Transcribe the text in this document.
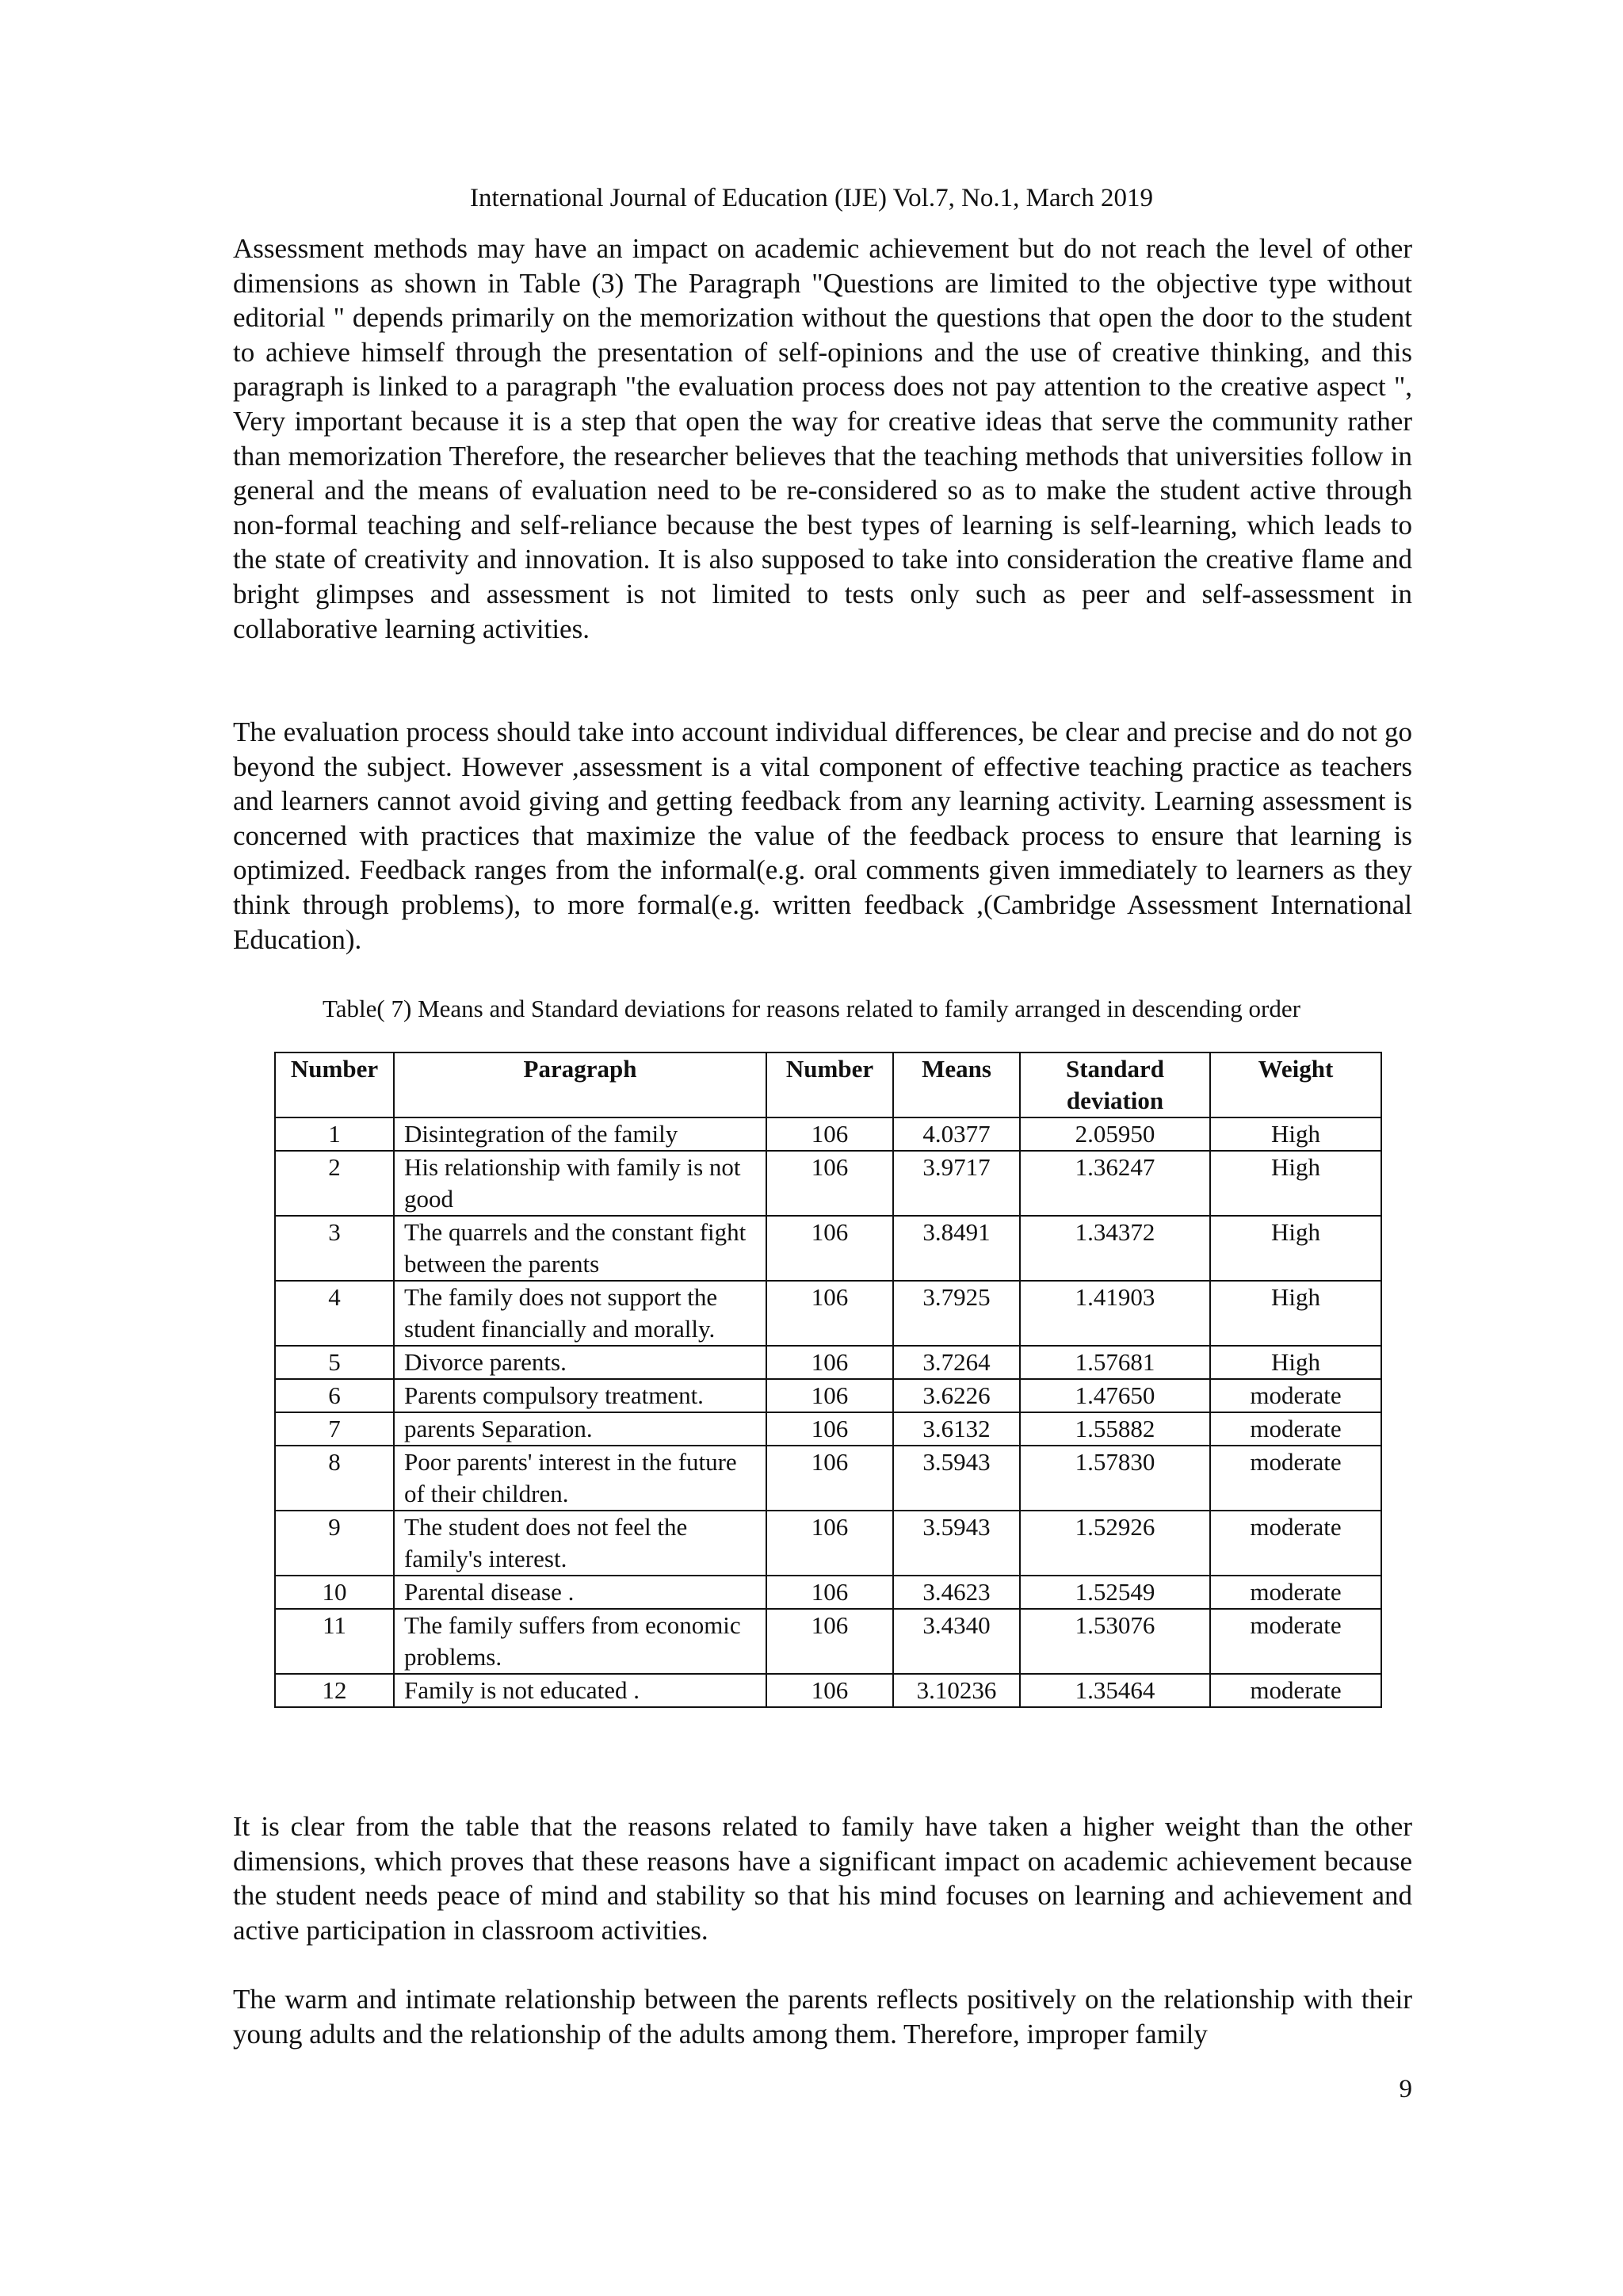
International Journal of Education (IJE) Vol.7, No.1, March 2019

Assessment methods may have an impact on academic achievement but do not reach the level of other dimensions as shown in Table (3) The Paragraph "Questions are limited to the objective type without editorial " depends primarily on the memorization without the questions that open the door to the student to achieve himself through the presentation of self-opinions and the use of creative thinking, and this paragraph is linked to a paragraph "the evaluation process does not pay attention to the creative aspect ", Very important because it is a step that open the way for creative ideas that serve the community rather than memorization Therefore, the researcher believes that the teaching methods that universities follow in general and the means of evaluation need to be re-considered so as to make the student active through non-formal teaching and self-reliance because the best types of learning is self-learning, which leads to the state of creativity and innovation. It is also supposed to take into consideration the creative flame and bright glimpses and assessment is not limited to tests only such as peer and self-assessment in collaborative learning activities.

The evaluation process should take into account individual differences, be clear and precise and do not go beyond the subject. However ,assessment is a vital component of effective teaching practice as teachers and learners cannot avoid giving and getting feedback from any learning activity. Learning assessment is concerned with practices that maximize the value of the feedback process to ensure that learning is optimized. Feedback ranges from the informal(e.g. oral comments given immediately to learners as they think through problems), to more formal(e.g. written feedback ,(Cambridge Assessment International Education).

Table( 7) Means and Standard deviations for reasons related to family arranged in descending order
Number	Paragraph	Number	Means	Standard deviation	Weight
1	Disintegration of the family	106	4.0377	2.05950	High
2	His relationship with family is not good	106	3.9717	1.36247	High
3	The quarrels and the constant fight between the parents	106	3.8491	1.34372	High
4	The family does not support the student financially and morally.	106	3.7925	1.41903	High
5	Divorce parents.	106	3.7264	1.57681	High
6	Parents compulsory treatment.	106	3.6226	1.47650	moderate
7	parents Separation.	106	3.6132	1.55882	moderate
8	Poor parents' interest in the future of their children.	106	3.5943	1.57830	moderate
9	The student does not feel the family's interest.	106	3.5943	1.52926	moderate
10	Parental disease .	106	3.4623	1.52549	moderate
11	The family suffers from economic problems.	106	3.4340	1.53076	moderate
12	Family is not educated .	106	3.10236	1.35464	moderate

It is clear from the table that the reasons related to family have taken a higher weight than the other dimensions, which proves that these reasons have a significant impact on academic achievement because the student needs peace of mind and stability so that his mind focuses on learning and achievement and active participation in classroom activities.

The warm and intimate relationship between the parents reflects positively on the relationship with their young adults and the relationship of the adults among them. Therefore, improper family

9
